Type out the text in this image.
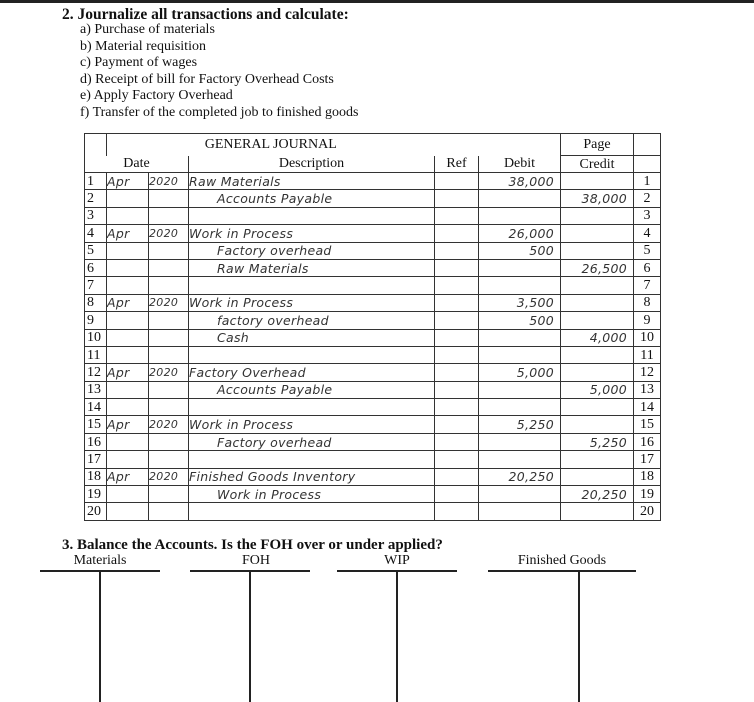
2. Journalize all transactions and calculate:
a) Purchase of materials
b) Material requisition
c) Payment of wages
d) Receipt of bill for Factory Overhead Costs
e) Apply Factory Overhead
f) Transfer of the completed job to finished goods
	GENERAL JOURNAL					Page	
Date			Description	Ref	Debit	Credit	
1	Apr	2020	Raw Materials		38,000		1
2			Accounts Payable			38,000	2
3							3
4	Apr	2020	Work in Process		26,000		4
5			Factory overhead		500		5
6			Raw Materials			26,500	6
7							7
8	Apr	2020	Work in Process		3,500		8
9			factory overhead		500		9
10			Cash			4,000	10
11							11
12	Apr	2020	Factory Overhead		5,000		12
13			Accounts Payable			5,000	13
14							14
15	Apr	2020	Work in Process		5,250		15
16			Factory overhead			5,250	16
17							17
18	Apr	2020	Finished Goods Inventory		20,250		18
19			Work in Process			20,250	19
20							20
3. Balance the Accounts. Is the FOH over or under applied?
Materials	FOH	WIP	Finished Goods
